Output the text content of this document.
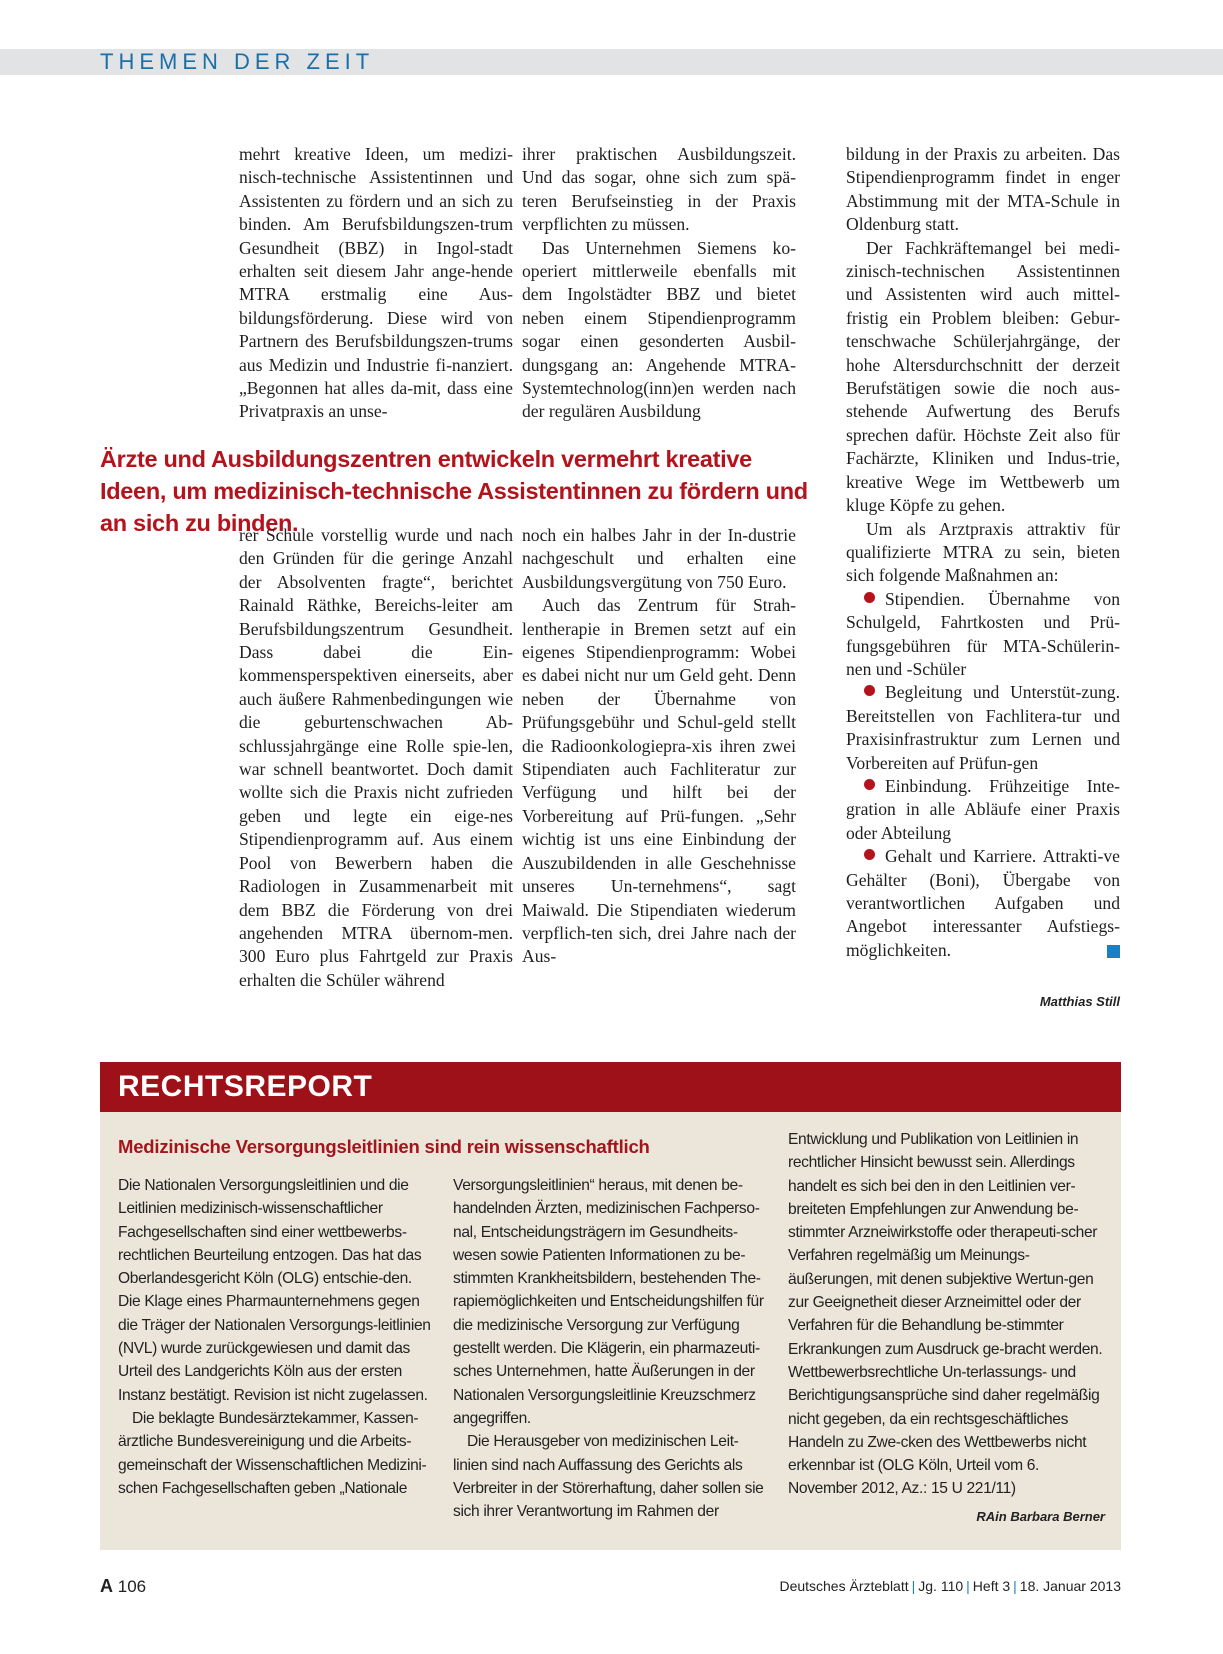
THEMEN DER ZEIT

mehrt kreative Ideen, um medizi-nisch-technische Assistentinnen und Assistenten zu fördern und an sich zu binden. Am Berufsbildungszen-trum Gesundheit (BBZ) in Ingol-stadt erhalten seit diesem Jahr ange-hende MTRA erstmalig eine Aus-bildungsförderung. Diese wird von Partnern des Berufsbildungszen-trums aus Medizin und Industrie fi-nanziert. „Begonnen hat alles da-mit, dass eine Privatpraxis an unse-

ihrer praktischen Ausbildungszeit. Und das sogar, ohne sich zum spä-teren Berufseinstieg in der Praxis verpflichten zu müssen.

Das Unternehmen Siemens ko-operiert mittlerweile ebenfalls mit dem Ingolstädter BBZ und bietet neben einem Stipendienprogramm sogar einen gesonderten Ausbil-dungsgang an: Angehende MTRA-Systemtechnolog(inn)en werden nach der regulären Ausbildung

Ärzte und Ausbildungszentren entwickeln vermehrt kreative Ideen, um medizinisch-technische Assistentinnen zu fördern und an sich zu binden.

rer Schule vorstellig wurde und nach den Gründen für die geringe Anzahl der Absolventen fragte“, berichtet Rainald Räthke, Bereichs-leiter am Berufsbildungszentrum Gesundheit. Dass dabei die Ein-kommensperspektiven einerseits, aber auch äußere Rahmenbedingungen wie die geburtenschwachen Ab-schlussjahrgänge eine Rolle spie-len, war schnell beantwortet. Doch damit wollte sich die Praxis nicht zufrieden geben und legte ein eige-nes Stipendienprogramm auf. Aus einem Pool von Bewerbern haben die Radiologen in Zusammenarbeit mit dem BBZ die Förderung von drei angehenden MTRA übernom-men. 300 Euro plus Fahrtgeld zur Praxis erhalten die Schüler während

noch ein halbes Jahr in der In-dustrie nachgeschult und erhalten eine Ausbildungsvergütung von 750 Euro.

Auch das Zentrum für Strah-lentherapie in Bremen setzt auf ein eigenes Stipendienprogramm: Wobei es dabei nicht nur um Geld geht. Denn neben der Übernahme von Prüfungsgebühr und Schul-geld stellt die Radioonkologiepra-xis ihren zwei Stipendiaten auch Fachliteratur zur Verfügung und hilft bei der Vorbereitung auf Prü-fungen. „Sehr wichtig ist uns eine Einbindung der Auszubildenden in alle Geschehnisse unseres Un-ternehmens“, sagt Maiwald. Die Stipendiaten wiederum verpflich-ten sich, drei Jahre nach der Aus-

bildung in der Praxis zu arbeiten. Das Stipendienprogramm findet in enger Abstimmung mit der MTA-Schule in Oldenburg statt.

Der Fachkräftemangel bei medi-zinisch-technischen Assistentinnen und Assistenten wird auch mittel-fristig ein Problem bleiben: Gebur-tenschwache Schülerjahrgänge, der hohe Altersdurchschnitt der derzeit Berufstätigen sowie die noch aus-stehende Aufwertung des Berufs sprechen dafür. Höchste Zeit also für Fachärzte, Kliniken und Indus-trie, kreative Wege im Wettbewerb um kluge Köpfe zu gehen.

Um als Arztpraxis attraktiv für qualifizierte MTRA zu sein, bieten sich folgende Maßnahmen an:

Stipendien. Übernahme von Schulgeld, Fahrtkosten und Prü-fungsgebühren für MTA-Schülerin-nen und -Schüler
Begleitung und Unterstüt-zung. Bereitstellen von Fachlitera-tur und Praxisinfrastruktur zum Lernen und Vorbereiten auf Prüfun-gen
Einbindung. Frühzeitige Inte-gration in alle Abläufe einer Praxis oder Abteilung
Gehalt und Karriere. Attrakti-ve Gehälter (Boni), Übergabe von verantwortlichen Aufgaben und Angebot interessanter Aufstiegs-möglichkeiten.
Matthias Still
RECHTSREPORT
Medizinische Versorgungsleitlinien sind rein wissenschaftlich

Die Nationalen Versorgungsleitlinien und die Leitlinien medizinisch-wissenschaftlicher Fachgesellschaften sind einer wettbewerbs-rechtlichen Beurteilung entzogen. Das hat das Oberlandesgericht Köln (OLG) entschie-den. Die Klage eines Pharmaunternehmens gegen die Träger der Nationalen Versorgungs-leitlinien (NVL) wurde zurückgewiesen und damit das Urteil des Landgerichts Köln aus der ersten Instanz bestätigt. Revision ist nicht zugelassen.

Die beklagte Bundesärztekammer, Kassen-ärztliche Bundesvereinigung und die Arbeits-gemeinschaft der Wissenschaftlichen Medizini-schen Fachgesellschaften geben „Nationale

Versorgungsleitlinien“ heraus, mit denen be-handelnden Ärzten, medizinischen Fachperso-nal, Entscheidungsträgern im Gesundheits-wesen sowie Patienten Informationen zu be-stimmten Krankheitsbildern, bestehenden The-rapiemöglichkeiten und Entscheidungshilfen für die medizinische Versorgung zur Verfügung gestellt werden. Die Klägerin, ein pharmazeuti-sches Unternehmen, hatte Äußerungen in der Nationalen Versorgungsleitlinie Kreuzschmerz angegriffen.

Die Herausgeber von medizinischen Leit-linien sind nach Auffassung des Gerichts als Verbreiter in der Störerhaftung, daher sollen sie sich ihrer Verantwortung im Rahmen der

Entwicklung und Publikation von Leitlinien in rechtlicher Hinsicht bewusst sein. Allerdings handelt es sich bei den in den Leitlinien ver-breiteten Empfehlungen zur Anwendung be-stimmter Arzneiwirkstoffe oder therapeuti-scher Verfahren regelmäßig um Meinungs-äußerungen, mit denen subjektive Wertun-gen zur Geeignetheit dieser Arzneimittel oder der Verfahren für die Behandlung be-stimmter Erkrankungen zum Ausdruck ge-bracht werden. Wettbewerbsrechtliche Un-terlassungs- und Berichtigungsansprüche sind daher regelmäßig nicht gegeben, da ein rechtsgeschäftliches Handeln zu Zwe-cken des Wettbewerbs nicht erkennbar ist (OLG Köln, Urteil vom 6. November 2012, Az.: 15 U 221/11)

RAin Barbara Berner
A 106	Deutsches Ärzteblatt | Jg. 110 | Heft 3 | 18. Januar 2013
